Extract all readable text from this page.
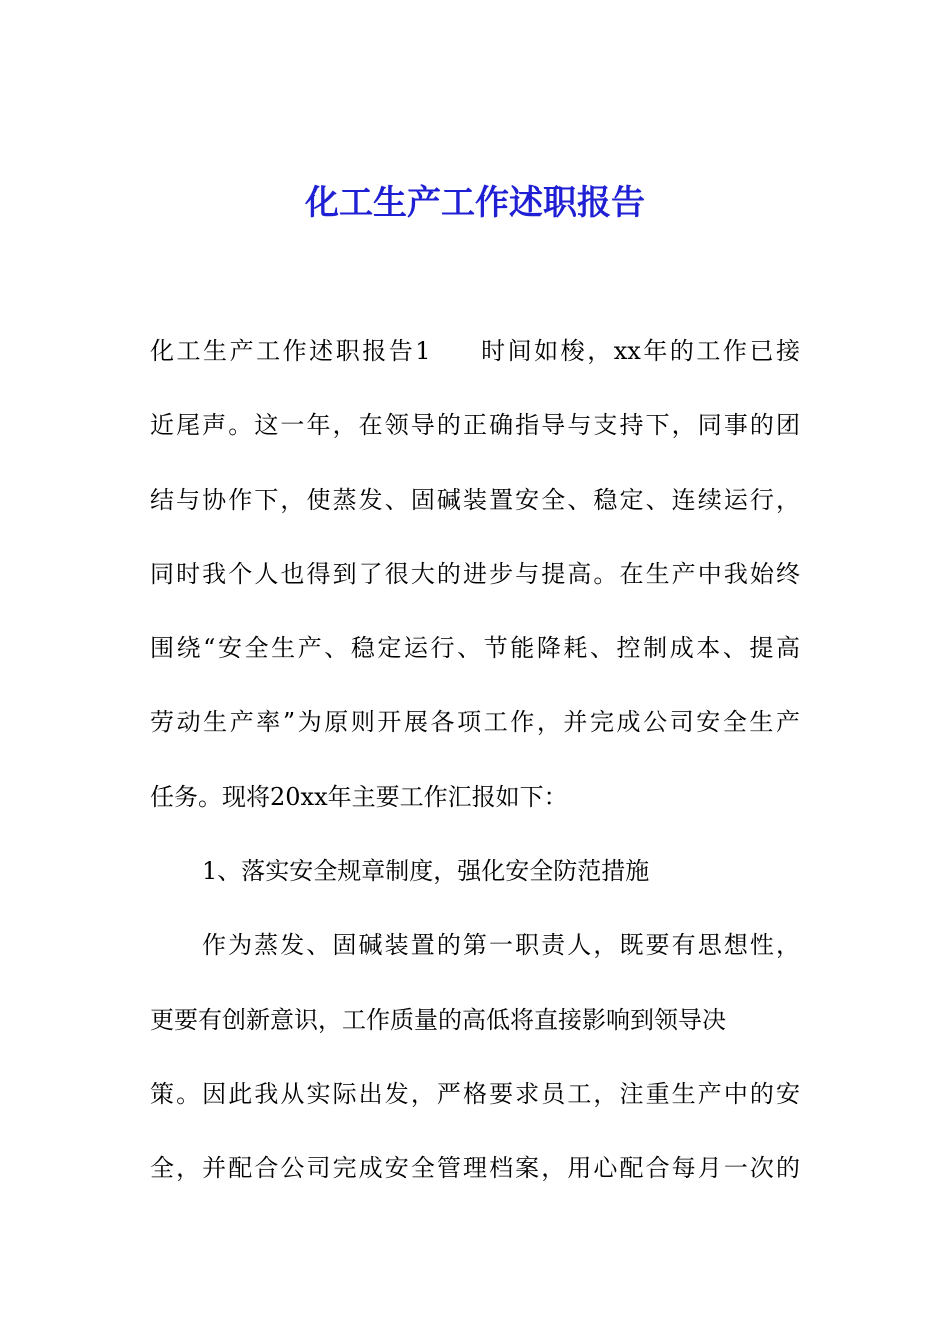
化工生产工作述职报告
化工生产工作述职报告1 时间如梭，xx年的工作已接
近尾声。这一年，在领导的正确指导与支持下，同事的团
结与协作下，使蒸发、固碱装置安全、稳定、连续运行，
同时我个人也得到了很大的进步与提高。在生产中我始终
围绕“安全生产、稳定运行、节能降耗、控制成本、提高
劳动生产率”为原则开展各项工作，并完成公司安全生产
任务。现将20xx年主要工作汇报如下：
1、落实安全规章制度，强化安全防范措施
作为蒸发、固碱装置的第一职责人，既要有思想性，
更要有创新意识，工作质量的高低将直接影响到领导决
策。因此我从实际出发，严格要求员工，注重生产中的安
全，并配合公司完成安全管理档案，用心配合每月一次的
